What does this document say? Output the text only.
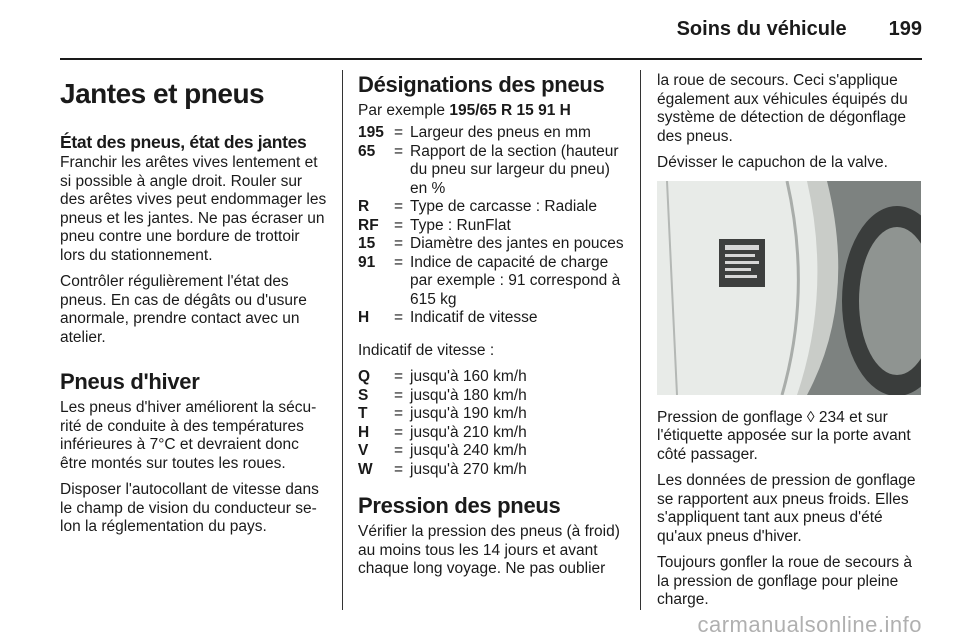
Soins du véhicule 199
Jantes et pneus
État des pneus, état des jantes

Franchir les arêtes vives lentement et si possible à angle droit. Rouler sur des arêtes vives peut endommager les pneus et les jantes. Ne pas écraser un pneu contre une bordure de trottoir lors du stationnement.

Contrôler régulièrement l'état des pneus. En cas de dégâts ou d'usure anormale, prendre contact avec un atelier.

Pneus d'hiver

Les pneus d'hiver améliorent la sécurité de conduite à des températures inférieures à 7°C et devraient donc être montés sur toutes les roues.

Disposer l'autocollant de vitesse dans le champ de vision du conducteur selon la réglementation du pays.

Désignations des pneus
Par exemple 195/65 R 15 91 H
195	=	Largeur des pneus en mm
65	=	Rapport de la section (hauteur du pneu sur largeur du pneu) en %
R	=	Type de carcasse : Radiale
RF	=	Type : RunFlat
15	=	Diamètre des jantes en pouces
91	=	Indice de capacité de charge par exemple : 91 correspond à 615 kg
H	=	Indicatif de vitesse

Indicatif de vitesse :

Q	=	jusqu'à 160 km/h
S	=	jusqu'à 180 km/h
T	=	jusqu'à 190 km/h
H	=	jusqu'à 210 km/h
V	=	jusqu'à 240 km/h
W	=	jusqu'à 270 km/h
Pression des pneus

Vérifier la pression des pneus (à froid) au moins tous les 14 jours et avant chaque long voyage. Ne pas oublier

la roue de secours. Ceci s'applique également aux véhicules équipés du système de détection de dégonflage des pneus.

Dévisser le capuchon de la valve.

Pression de gonflage ◊ 234 et sur l'étiquette apposée sur la porte avant côté passager.

Les données de pression de gonflage se rapportent aux pneus froids. Elles s'appliquent tant aux pneus d'été qu'aux pneus d'hiver.

Toujours gonfler la roue de secours à la pression de gonflage pour pleine charge.

carmanualsonline.info
